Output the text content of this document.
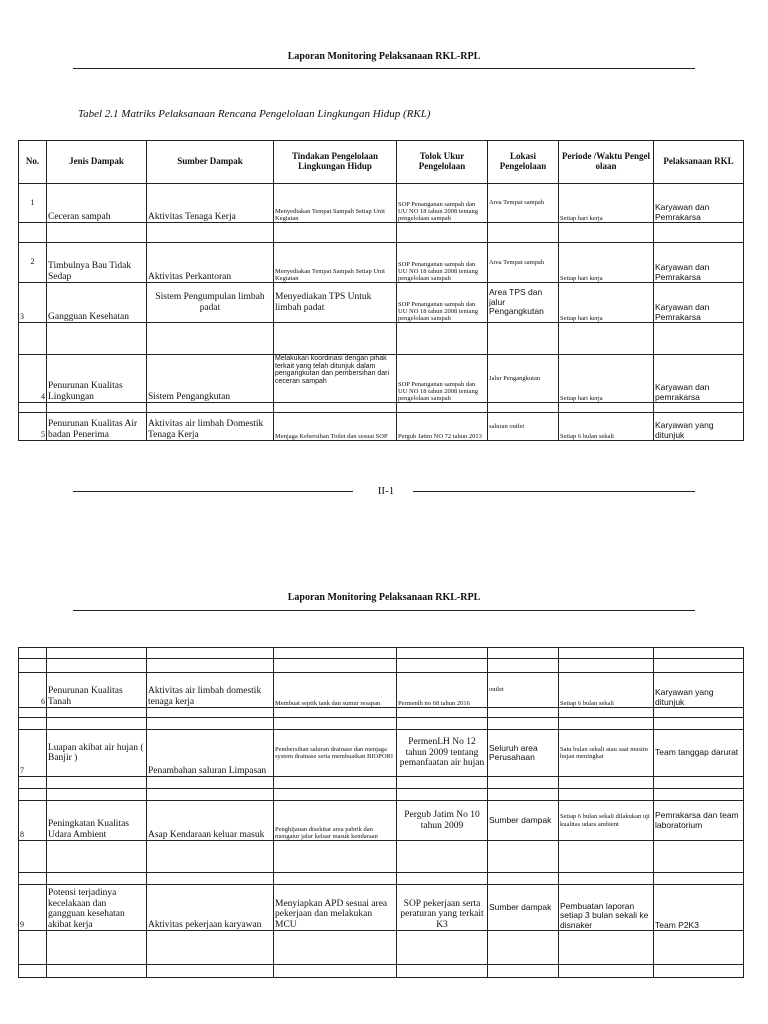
Laporan Monitoring Pelaksanaan RKL-RPL
Tabel 2.1 Matriks Pelaksanaan Rencana Pengelolaan Lingkungan Hidup (RKL)
No.	Jenis Dampak	Sumber Dampak	Tindakan Pengelolaan Lingkungan Hidup	Tolok Ukur Pengelolaan	Lokasi Pengelolaan	Periode /Waktu Pengel olaan	Pelaksanaan RKL
1	Ceceran sampah	Aktivitas Tenaga Kerja	Menyediakan Tempat Sampah Setiap Unit Kegiatan	SOP Penanganan sampah dan UU NO 18 tahun 2008 tentang pengelolaan sampah	Area Tempat sampah	Setiap hari kerja	Karyawan dan Pemrakarsa

2	Timbulnya Bau Tidak Sedap	Aktivitas Perkantoran	Menyediakan Tempat Sampah Setiap Unit Kegiatan	SOP Penanganan sampah dan UU NO 18 tahun 2008 tentang pengelolaan sampah	Area Tempat sampah	Setiap hari kerja	Karyawan dan Pemrakarsa
3	Gangguan Kesehatan	Sistem Pengumpulan limbah padat	Menyediakan TPS Untuk limbah padat	SOP Penanganan sampah dan UU NO 18 tahun 2008 tentang pengelolaan sampah	Area TPS dan jalur Pengangkutan	Setiap hari kerja	Karyawan dan Pemrakarsa

4	Penurunan Kualitas Lingkungan	Sistem Pengangkutan	Melakukan koordinasi dengan pihak terkait yang telah ditunjuk dalam pengangkutan dan pembersihan dari ceceran sampah	SOP Penanganan sampah dan UU NO 18 tahun 2008 tentang pengelolaan sampah	Jalur Pengangkutan	Setiap hari kerja	Karyawan dan pemrakarsa

5	Penurunan Kualitas Air badan Penerima	Aktivitas air limbah Domestik Tenaga Kerja	Menjaga Kebersihan Toilet dan sesuai SOP	Pergub Jatim NO 72 tahun 2013	saluran outlet	Setiap 6 bulan sekali	Karyawan yang ditunjuk
II-1
Laporan Monitoring Pelaksanaan RKL-RPL

6	Penurunan Kualitas Tanah	Aktivitas air limbah domestik tenaga kerja	Membuat septik tank dan sumur resapan	Permenlh no 68 tahun 2016	outlet	Setiap 6 bulan sekali	Karyawan yang ditunjuk

7	Luapan akibat air hujan ( Banjir )	Penambahan saluran Limpasan	Pembersihan saluran drainase dan menjaga system drainase serta membuatkan BIOPORI	PermenLH No 12 tahun 2009 tentang pemanfaatan air hujan	Seluruh area Perusahaan	Satu bulan sekali atau saat musim hujan meningkat	Team tanggap darurat

8	Peningkatan Kualitas Udara Ambient	Asap Kendaraan keluar masuk	Penghijauan disekitar area pabrik dan mengatur jalur keluar masuk kendaraan	Pergub Jatim No 10 tahun 2009	Sumber dampak	Setiap 6 bulan sekali dilakukan uji kualitas udara ambient	Pemrakarsa dan team laboratorium

9	Potensi terjadinya kecelakaan dan gangguan kesehatan akibat kerja	Aktivitas pekerjaan karyawan	Menyiapkan APD sesuai area pekerjaan dan melakukan MCU	SOP pekerjaan serta peraturan yang terkait K3	Sumber dampak	Pembuatan laporan setiap 3 bulan sekali ke disnaker	Team P2K3
